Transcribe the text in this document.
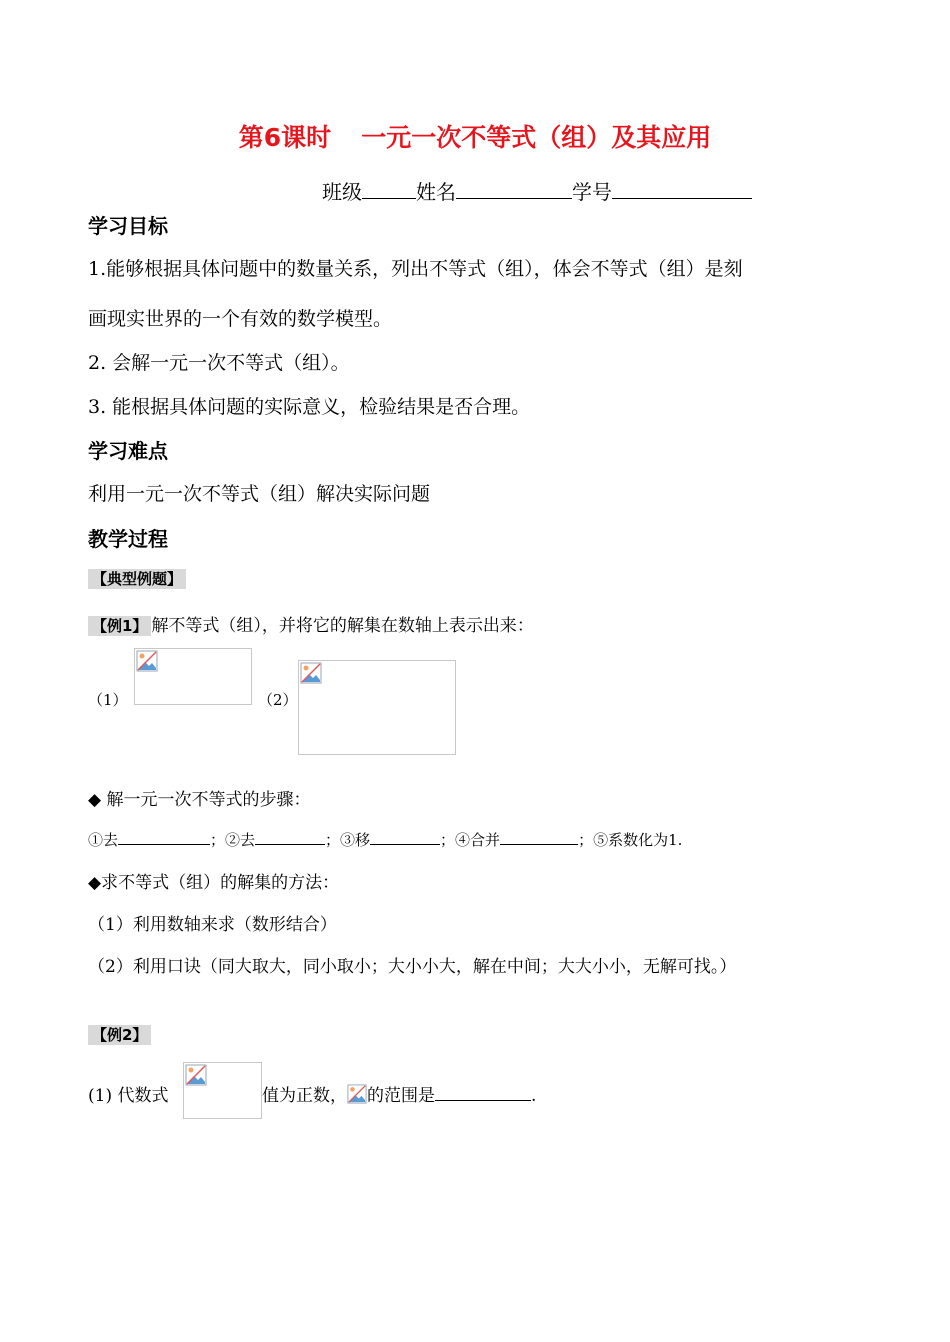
第6课时 一元一次不等式（组）及其应用
班级	姓名	学号
学习目标
1.能够根据具体问题中的数量关系，列出不等式（组），体会不等式（组）是刻
画现实世界的一个有效的数学模型。
2. 会解一元一次不等式（组）。
3. 能根据具体问题的实际意义，检验结果是否合理。
学习难点
利用一元一次不等式（组）解决实际问题
教学过程
【典型例题】
【例1】 解不等式（组），并将它的解集在数轴上表示出来：
（1）	（2）
◆ 解一元一次不等式的步骤：
①去	；②去	；③移	；④合并	；⑤系数化为1.
◆求不等式（组）的解集的方法：
（1）利用数轴来求（数形结合）
（2）利用口诀（同大取大，同小取小；大小小大，解在中间；大大小小，无解可找。）
【例2】
(1) 代数式	值为正数， 的范围是	.
